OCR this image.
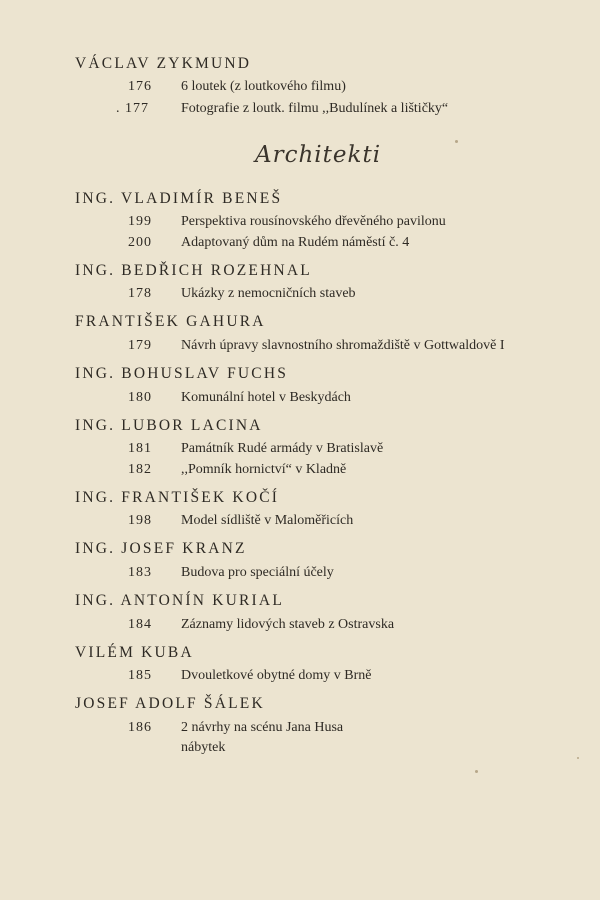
VÁCLAV ZYKMUND
176 6 loutek (z loutkového filmu)
. 177 Fotografie z loutk. filmu ,,Budulínek a lištičky“
Architekti
ING. VLADIMÍR BENEŠ
199 Perspektiva rousínovského dřevěného pavilonu
200 Adaptovaný dům na Rudém náměstí č. 4
ING. BEDŘICH ROZEHNAL
178 Ukázky z nemocničních staveb
FRANTIŠEK GAHURA
179 Návrh úpravy slavnostního shromaždiště v Gottwaldově I
ING. BOHUSLAV FUCHS
180 Komunální hotel v Beskydách
ING. LUBOR LACINA
181 Památník Rudé armády v Bratislavě
182 ,,Pomník hornictví“ v Kladně
ING. FRANTIŠEK KOČÍ
198 Model sídliště v Maloměřicích
ING. JOSEF KRANZ
183 Budova pro speciální účely
ING. ANTONÍN KURIAL
184 Záznamy lidových staveb z Ostravska
VILÉM KUBA
185 Dvouletkové obytné domy v Brně
JOSEF ADOLF ŠÁLEK
186 2 návrhy na scénu Jana Husa
nábytek
